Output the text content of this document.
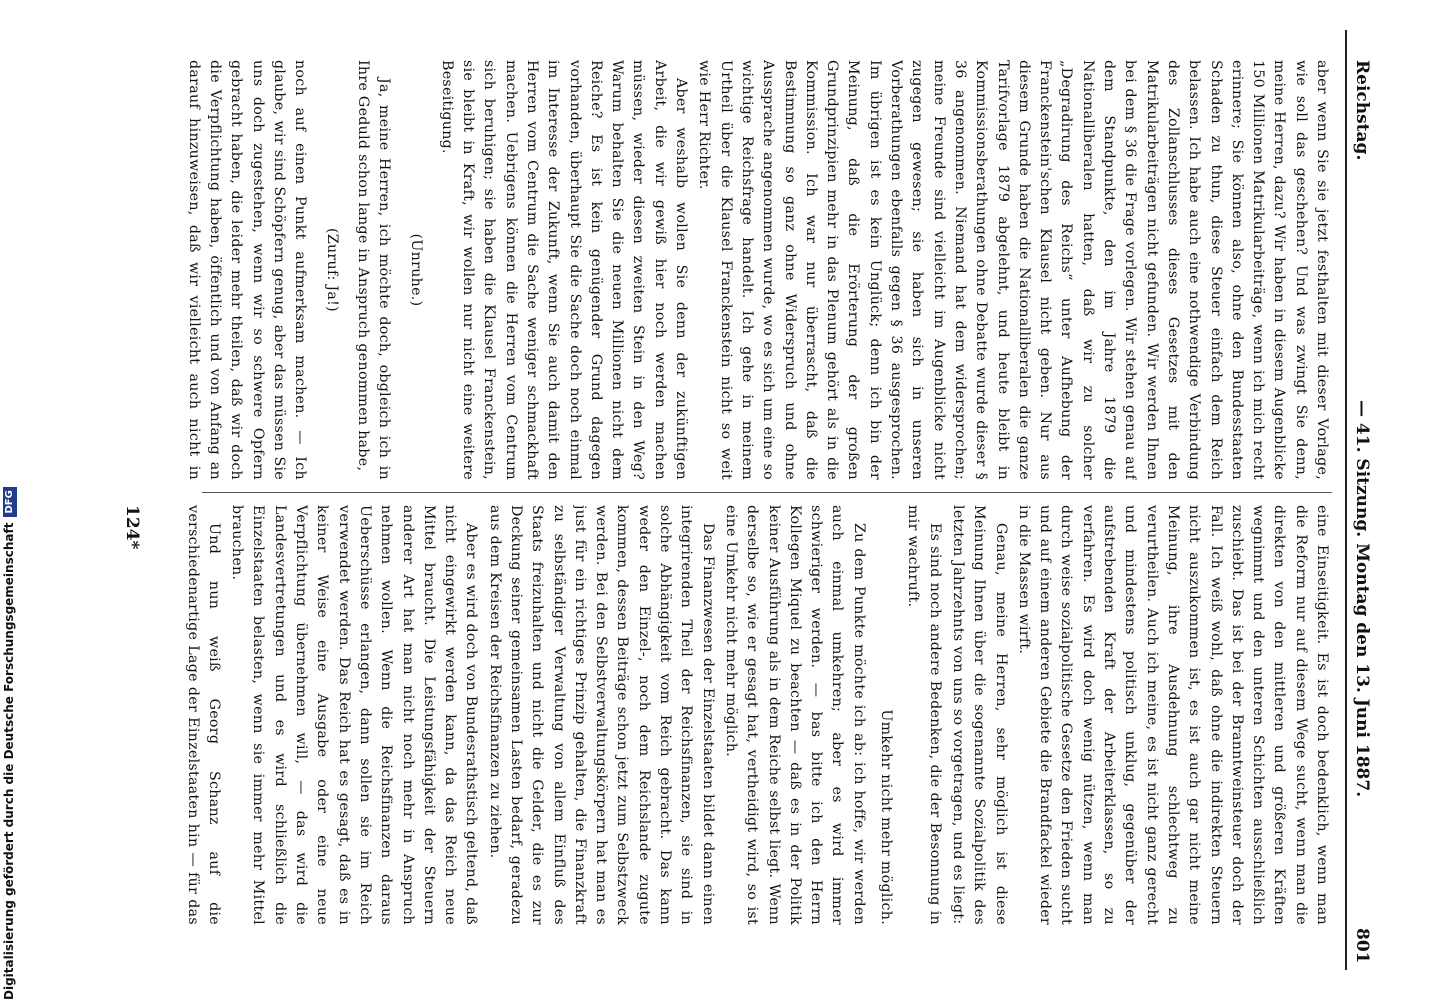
Reichstag.
— 41. Sitzung. Montag den 13. Juni 1887.
801

aber wenn Sie sie jetzt festhalten mit dieser Vorlage, wie soll das geschehen? Und was zwingt Sie denn, meine Herren, dazu? Wir haben in diesem Augenblicke 150 Millionen Matrikularbeiträge, wenn ich mich recht erinnere; Sie können also, ohne den Bundesstaaten Schaden zu thun, diese Steuer einfach dem Reich belassen. Ich habe auch eine nothwendige Verbindung des Zollanschlusses dieses Gesetzes mit den Matrikularbeiträgen nicht gefunden. Wir werden Ihnen bei dem § 36 die Frage vorlegen. Wir stehen genau auf dem Standpunkte, den im Jahre 1879 die Nationalliberalen hatten, daß wir zu solcher „Degradirung des Reichs“ unter Aufhebung der Franckenstein'schen Klausel nicht geben. Nur aus diesem Grunde haben die Nationalliberalen die ganze Tarifvorlage 1879 abgelehnt, und heute bleibt in Kommissionsberathungen ohne Debatte wurde dieser § 36 angenommen. Niemand hat dem widersprochen; meine Freunde sind vielleicht im Augenblicke nicht zugegen gewesen; sie haben sich in unseren Vorberathungen ebenfalls gegen § 36 ausgesprochen. Im übrigen ist es kein Unglück; denn ich bin der Meinung, daß die Erörterung der großen Grundprinzipien mehr in das Plenum gehört als in die Kommission. Ich war nur überrascht, daß die Bestimmung so ganz ohne Widerspruch und ohne Aussprache angenommen wurde, wo es sich um eine so wichtige Reichsfrage handelt. Ich gehe in meinem Urtheil über die Klausel Franckenstein nicht so weit wie Herr Richter.

Aber weshalb wollen Sie denn der zukünftigen Arbeit, die wir gewiß hier noch werden machen müssen, wieder diesen zweiten Stein in den Weg? Warum behalten Sie die neuen Millionen nicht dem Reiche? Es ist kein genügender Grund dagegen vorhanden, überhaupt Sie die Sache doch noch einmal im Interesse der Zukunft, wenn Sie auch damit den Herren vom Centrum die Sache weniger schmackhaft machen. Uebrigens können die Herren vom Centrum sich beruhigen; sie haben die Klausel Franckenstein, sie bleibt in Kraft, wir wollen nur nicht eine weitere Beseitigung.

(Unruhe.)

Ja, meine Herren, ich möchte doch, obgleich ich in Ihre Geduld schon lange in Anspruch genommen habe,

(Zuruf: Ja!)

noch auf einen Punkt aufmerksam machen. — Ich glaube, wir sind Schöpfern genug, aber das müssen Sie uns doch zugestehen, wenn wir so schwere Opfern gebracht haben, die leider mehr theilen, daß wir doch die Verpflichtung haben, öffentlich und von Anfang an darauf hinzuweisen, daß wir vielleicht auch nicht in

eine Einseitigkeit. Es ist doch bedenklich, wenn man die Reform nur auf diesem Wege sucht, wenn man die direkten von den mittleren und größeren Kräften wegnimmt und den unteren Schichten ausschließlich zuschiebt. Das ist bei der Branntweinsteuer doch der Fall. Ich weiß wohl, daß ohne die indirekten Steuern nicht auszukommen ist, es ist auch gar nicht meine Meinung, ihre Ausdehnung schlechtweg zu verurtheilen. Auch ich meine, es ist nicht ganz gerecht und mindestens politisch unklug, gegenüber der aufstrebenden Kraft der Arbeiterklassen, so zu verfahren. Es wird doch wenig nützen, wenn man durch weise sozialpolitische Gesetze den Frieden sucht und auf einem anderen Gebiete die Brandfackel wieder in die Massen wirft.

Genau, meine Herren, sehr möglich ist diese Meinung Ihnen über die sogenannte Sozialpolitik des letzten Jahrzehnts von uns so vorgetragen, und es liegt:

Es sind noch andere Bedenken, die der Besonnung in mir wachruft.

Umkehr nicht mehr möglich.

Zu dem Punkte möchte ich ab: ich hoffe, wir werden auch einmal umkehren; aber es wird immer schwieriger werden. — bas bitte ich den Herrn Kollegen Miquel zu beachten — daß es in der Politik keiner Ausführung als in dem Reiche selbst liegt. Wenn derselbe so, wie er gesagt hat, vertheidigt wird, so ist eine Umkehr nicht mehr möglich.

Das Finanzwesen der Einzelstaaten bildet dann einen integrirenden Theil der Reichsfinanzen, sie sind in solche Abhängigkeit vom Reich gebracht. Das kann weder den Einzel-, noch dem Reichslande zugute kommen, dessen Beiträge schon jetzt zum Selbstzweck werden. Bei den Selbstverwaltungskörpern hat man es just für ein richtiges Prinzip gehalten, die Finanzkraft zu selbständiger Verwaltung von allem Einfluß des Staats freizuhalten und nicht die Gelder, die es zur Deckung seiner gemeinsamen Lasten bedarf, geradezu aus dem Kreisen der Reichsfinanzen zu ziehen.

Aber es wird doch von Bundesrathstisch geltend, daß nicht eingewirkt werden kann, da das Reich neue Mittel braucht. Die Leistungsfähigkeit der Steuern anderer Art hat man nicht noch mehr in Anspruch nehmen wollen. Wenn die Reichsfinanzen daraus Ueberschüsse erlangen, dann sollen sie im Reich verwendet werden. Das Reich hat es gesagt, daß es in keiner Weise eine Ausgabe oder eine neue Verpflichtung übernehmen will, — das wird die Landesvertretungen und es wird schließlich die Einzelstaaten belasten, wenn sie immer mehr Mittel brauchen.

Und nun weiß Georg Schanz auf die verschiedenartige Lage der Einzelstaaten hin — für das

124*
Digitalisierung gefördert durch die Deutsche ForschungsgemeinschaftDFG
